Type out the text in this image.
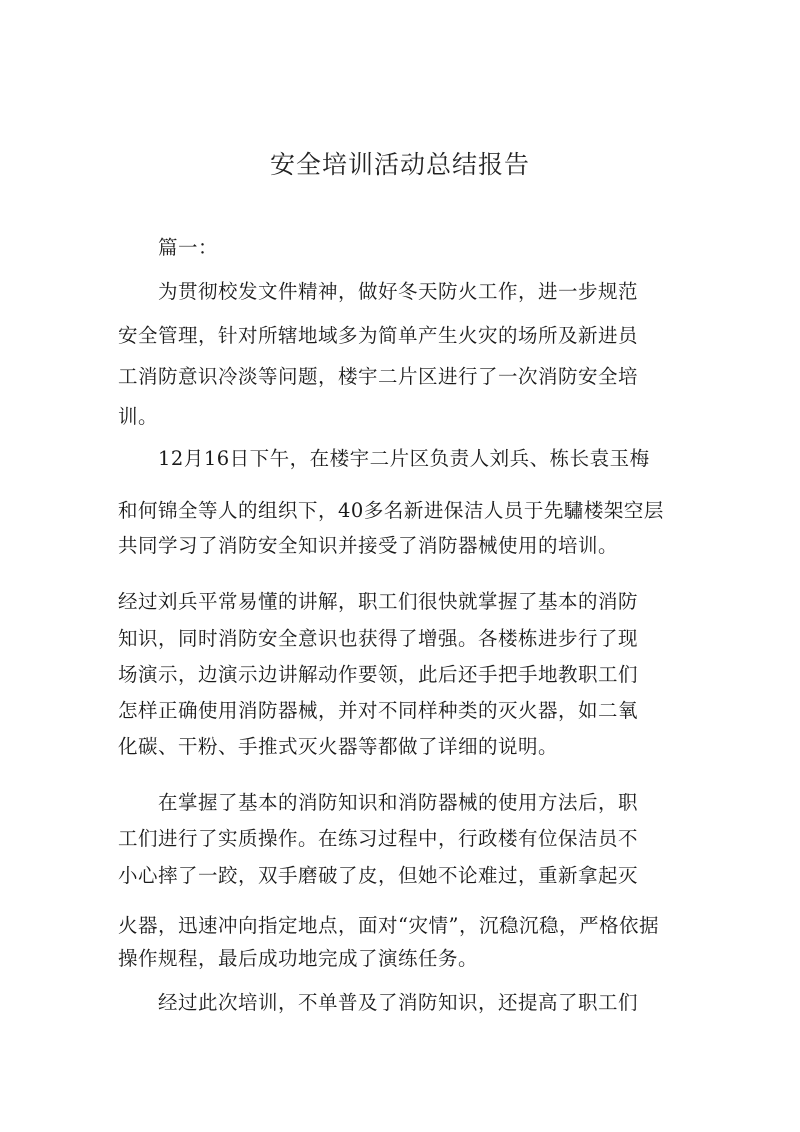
安全培训活动总结报告
篇一：
为贯彻校发文件精神，做好冬天防火工作，进一步规范
安全管理，针对所辖地域多为简单产生火灾的场所及新进员
工消防意识冷淡等问题，楼宇二片区进行了一次消防安全培
训。
12月16日下午，在楼宇二片区负责人刘兵、栋长袁玉梅
和何锦全等人的组织下，40多名新进保洁人员于先驌楼架空层
共同学习了消防安全知识并接受了消防器械使用的培训。
经过刘兵平常易懂的讲解，职工们很快就掌握了基本的消防
知识，同时消防安全意识也获得了增强。各楼栋进步行了现
场演示，边演示边讲解动作要领，此后还手把手地教职工们
怎样正确使用消防器械，并对不同样种类的灭火器，如二氧
化碳、干粉、手推式灭火器等都做了详细的说明。
在掌握了基本的消防知识和消防器械的使用方法后，职
工们进行了实质操作。在练习过程中，行政楼有位保洁员不
小心摔了一跤，双手磨破了皮，但她不论难过，重新拿起灭
火器，迅速冲向指定地点，面对“灾情”，沉稳沉稳，严格依据
操作规程，最后成功地完成了演练任务。
经过此次培训，不单普及了消防知识，还提高了职工们
